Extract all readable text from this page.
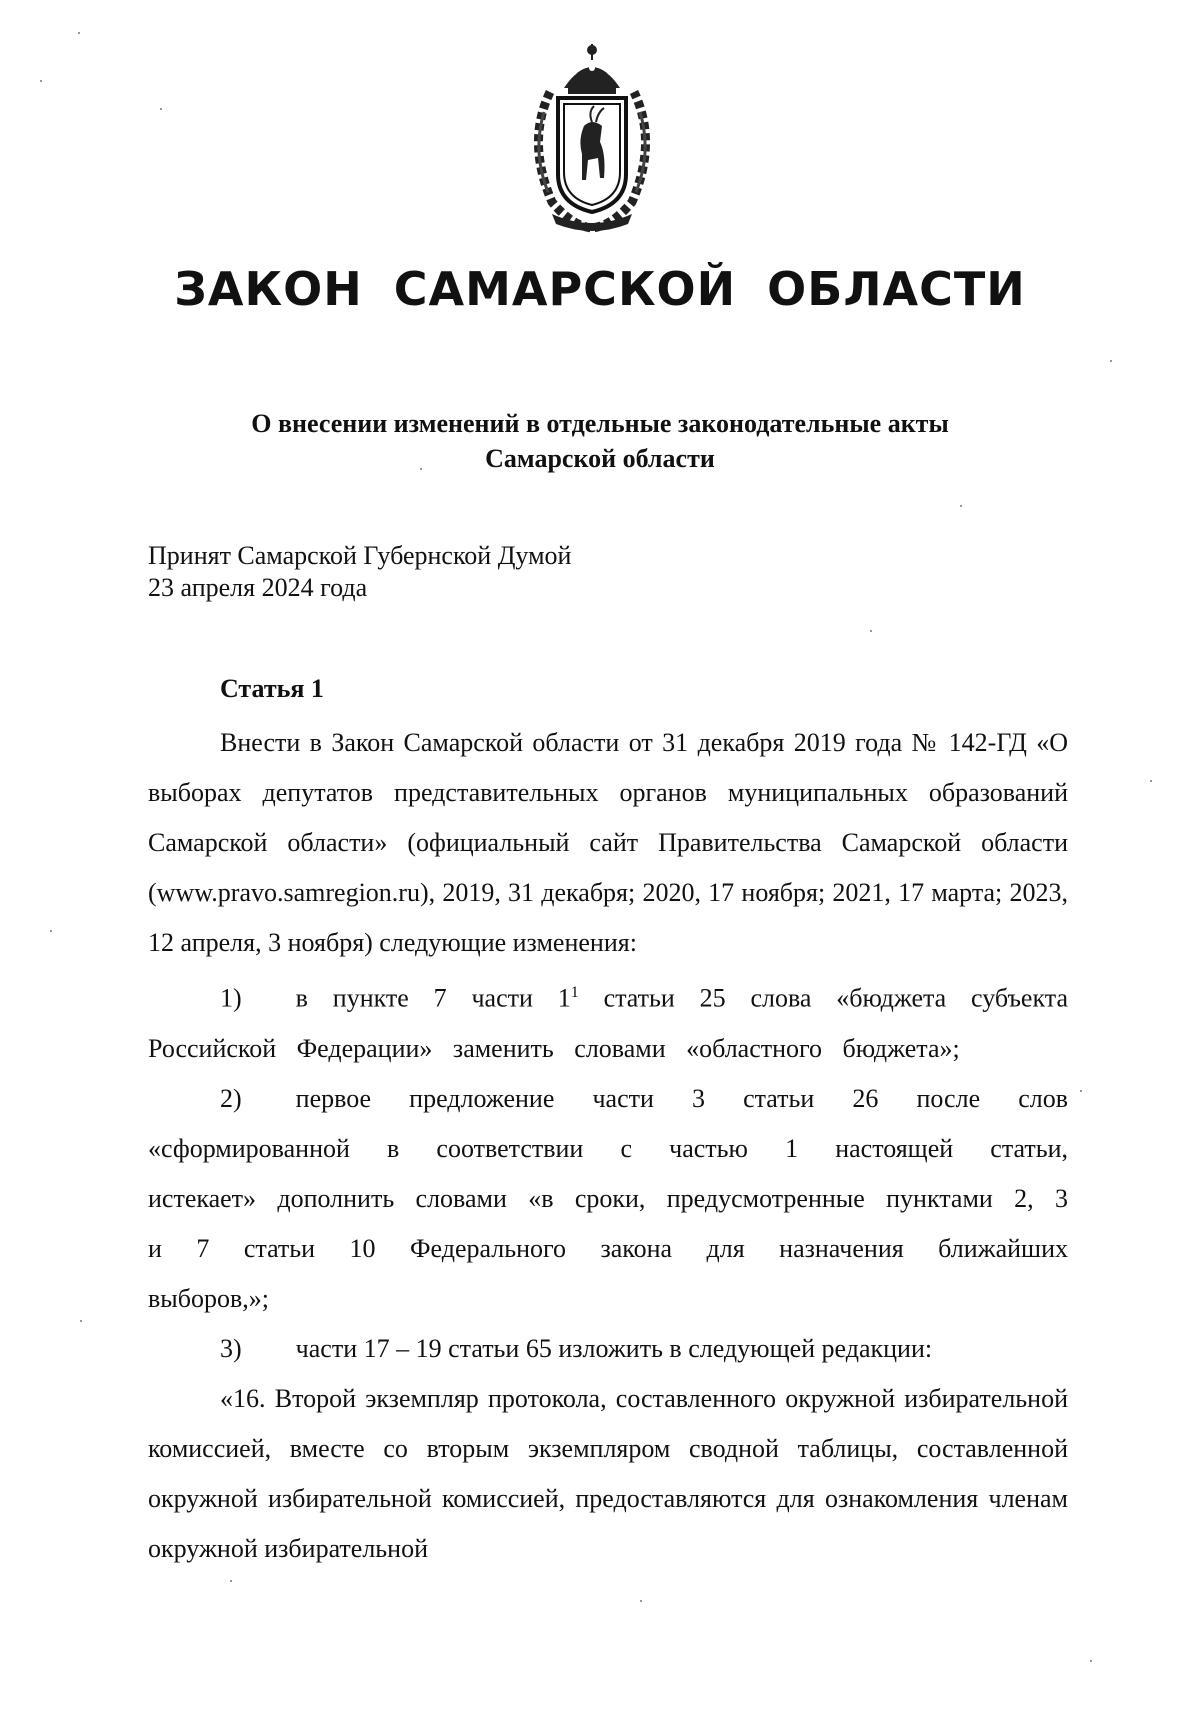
ЗАКОН САМАРСКОЙ ОБЛАСТИ
О внесении изменений в отдельные законодательные акты
Самарской области
Принят Самарской Губернской Думой
23 апреля 2024 года
Статья 1

Внести в Закон Самарской области от 31 декабря 2019 года № 142-ГД «О выборах депутатов представительных органов муниципальных образований Самарской области» (официальный сайт Правительства Самарской области (www.pravo.samregion.ru), 2019, 31 декабря; 2020, 17 ноября; 2021, 17 марта; 2023, 12 апреля, 3 ноября) следующие изменения:

1) в пункте 7 части $1^1$ статьи 25 слова «бюджета субъекта Российской Федерации» заменить словами «областного бюджета»;

2) первое предложение части 3 статьи 26 после слов «сформированной в соответствии с частью 1 настоящей статьи, истекает» дополнить словами «в сроки, предусмотренные пунктами 2, 3 и 7 статьи 10 Федерального закона для назначения ближайших выборов,»;

3) части 17 – 19 статьи 65 изложить в следующей редакции:

«16. Второй экземпляр протокола, составленного окружной избирательной комиссией, вместе со вторым экземпляром сводной таблицы, составленной окружной избирательной комиссией, предоставляются для ознакомления членам окружной избирательной
